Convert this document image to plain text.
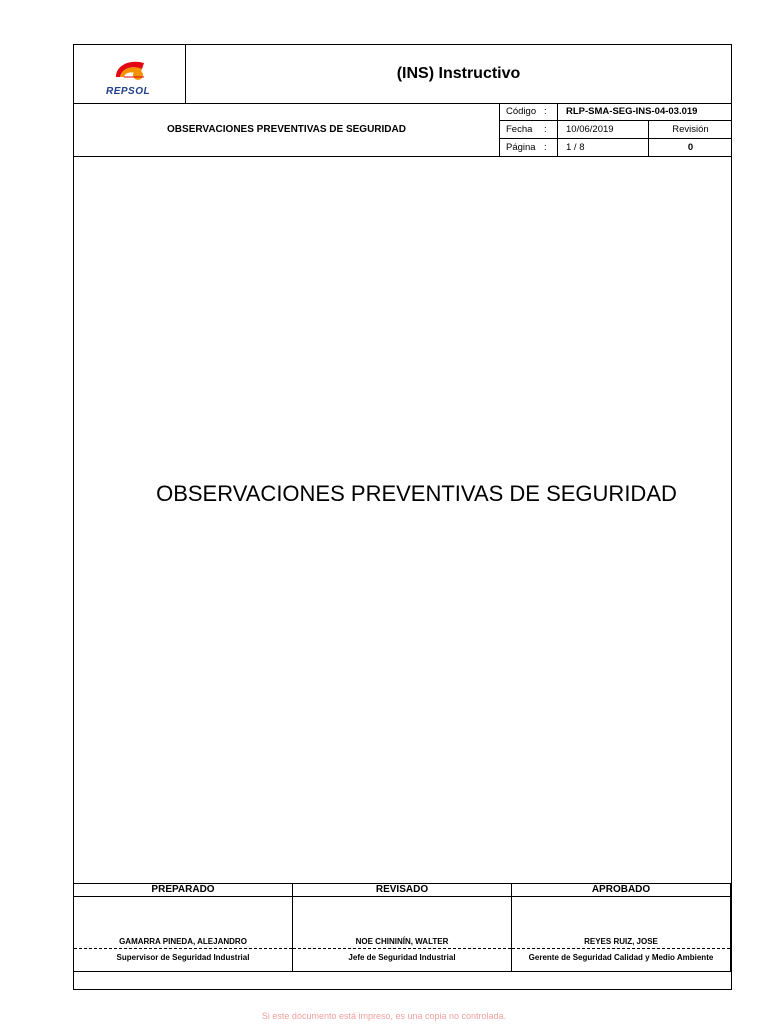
REPSOL
(INS) Instructivo
OBSERVACIONES PREVENTIVAS DE SEGURIDAD
Código : RLP-SMA-SEG-INS-04-03.019
Fecha : 10/06/2019	Revisión
Página : 1 / 8	0
OBSERVACIONES PREVENTIVAS DE SEGURIDAD
PREPARADO
GAMARRA PINEDA, ALEJANDRO
Supervisor de Seguridad Industrial
REVISADO
NOE CHININÍN, WALTER
Jefe de Seguridad Industrial
APROBADO
REYES RUIZ, JOSE
Gerente de Seguridad Calidad y Medio Ambiente
Si este documento está impreso, es una copia no controlada.
